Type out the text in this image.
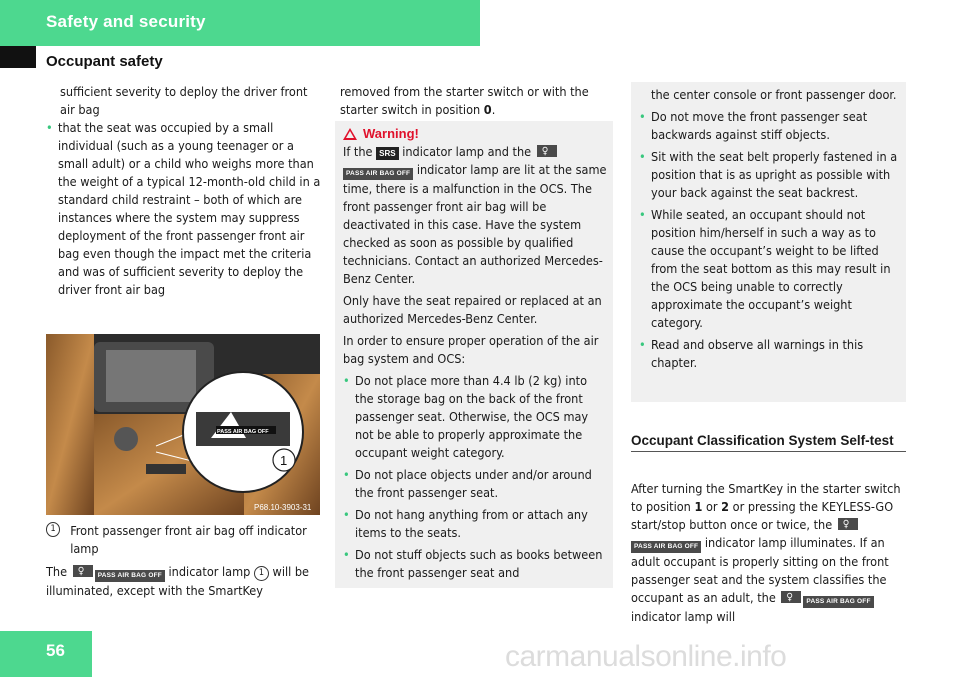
Safety and security
Occupant safety

sufficient severity to deploy the driver front air bag

• that the seat was occupied by a small individual (such as a young teenager or a small adult) or a child who weighs more than the weight of a typical 12-month-old child in a standard child restraint – both of which are instances where the system may suppress deployment of the front passenger front air bag even though the impact met the criteria and was of sufficient severity to deploy the driver front air bag

PASS AIR BAG OFF
1
P68.10-3903-31
1	Front passenger front air bag off indicator lamp
The ♀	PASS AIR BAG OFF indicator lamp 1 will be illuminated, except with the SmartKey

removed from the starter switch or with the starter switch in position 0.

Warning!

If the SRS indicator lamp and the ♀PASS AIR BAG OFF indicator lamp are lit at the same time, there is a malfunction in the OCS. The front passenger front air bag will be deactivated in this case. Have the system checked as soon as possible by qualified technicians. Contact an authorized Mercedes-Benz Center.

Only have the seat repaired or replaced at an authorized Mercedes-Benz Center.

In order to ensure proper operation of the air bag system and OCS:

• Do not place more than 4.4 lb (2 kg) into the storage bag on the back of the front passenger seat. Otherwise, the OCS may not be able to properly approximate the occupant weight category.

• Do not place objects under and/or around the front passenger seat.

• Do not hang anything from or attach any items to the seats.

• Do not stuff objects such as books between the front passenger seat and

the center console or front passenger door.

• Do not move the front passenger seat backwards against stiff objects.

• Sit with the seat belt properly fastened in a position that is as upright as possible with your back against the seat backrest.

• While seated, an occupant should not position him/herself in such a way as to cause the occupant’s weight to be lifted from the seat bottom as this may result in the OCS being unable to correctly approximate the occupant’s weight category.

• Read and observe all warnings in this chapter.

Occupant Classification System Self-test
After turning the SmartKey in the starter switch to position 1 or 2 or pressing the KEYLESS-GO start/stop button once or twice, the ♀PASS AIR BAG OFF indicator lamp illuminates. If an adult occupant is properly sitting on the front passenger seat and the system classifies the occupant as an adult, the ♀	PASS AIR BAG OFF indicator lamp will
56	carmanualsonline.info
